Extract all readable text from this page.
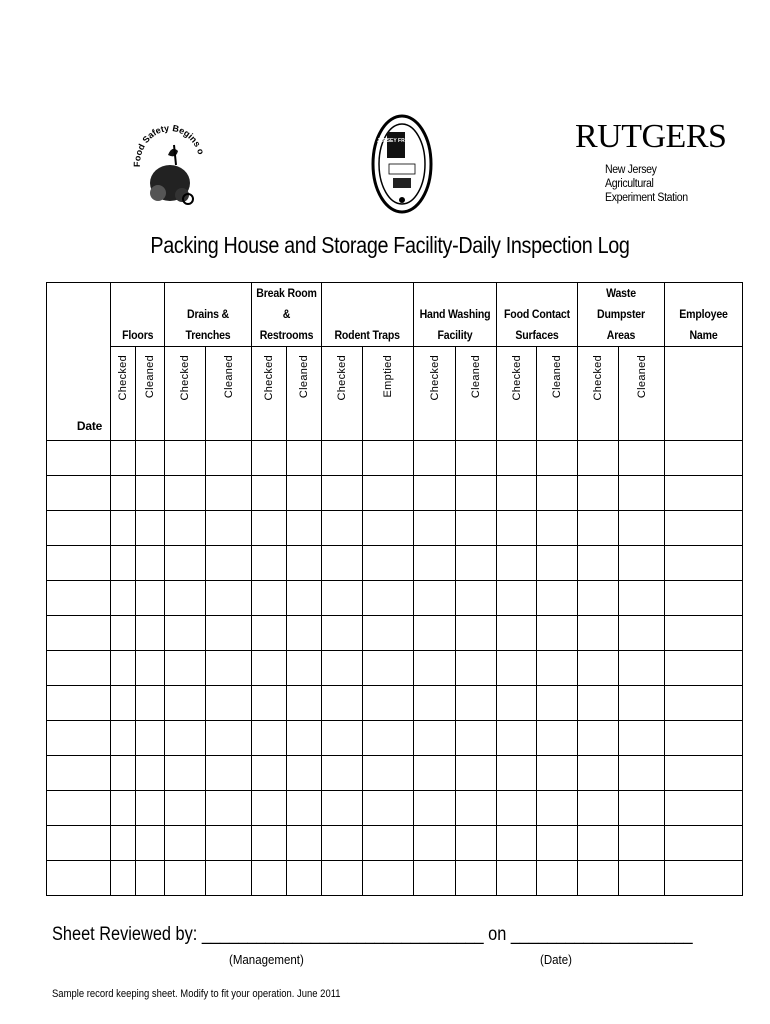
Food Safety Begins o
JERSEY FRESH	RUTGERS
New Jersey Agricultural
Experiment Station
Packing House and Storage Facility-Daily Inspection Log
Date	Floors		Drains & Trenches		Break Room & Restrooms		Rodent Traps		Hand Washing Facility		Food Contact Surfaces		Waste Dumpster Areas		Employee Name

	Checked	Cleaned	Checked	Cleaned	Checked	Cleaned	Checked	Emptied	Checked	Cleaned	Checked	Cleaned	Checked	Cleaned	

Sheet Reviewed by: _______________________________ on ____________________
(Management)	(Date)
Sample record keeping sheet. Modify to fit your operation. June 2011
